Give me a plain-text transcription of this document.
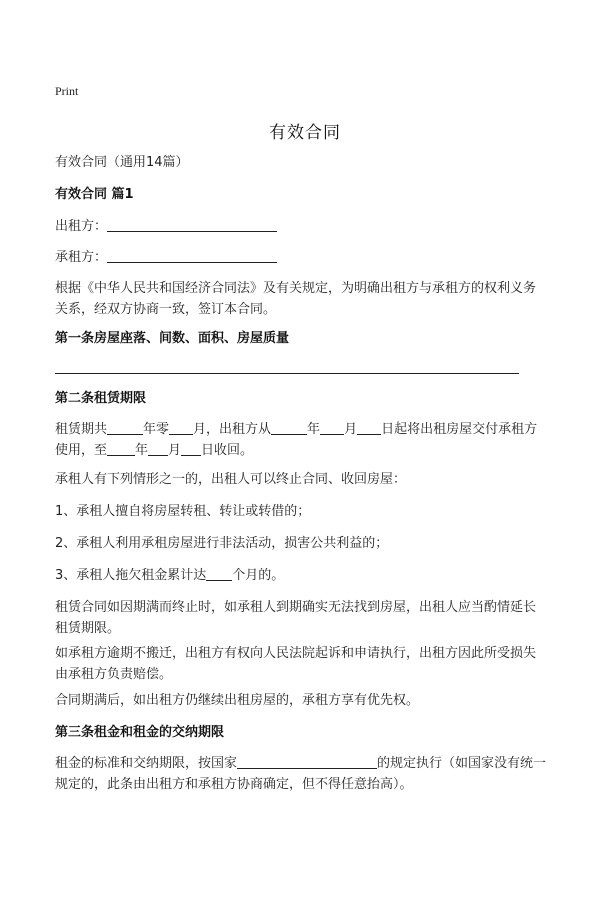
Print
有效合同
有效合同（通用14篇）
有效合同 篇1
出租方：
承租方：
根据《中华人民共和国经济合同法》及有关规定，为明确出租方与承租方的权利义务关系，经双方协商一致，签订本合同。
第一条房屋座落、间数、面积、房屋质量
第二条租赁期限
租赁期共	年零 月，出租方从	年 月 日起将出租房屋交付承租方使用，至 年 月 日收回。
承租人有下列情形之一的，出租人可以终止合同、收回房屋：
1、承租人擅自将房屋转租、转让或转借的；
2、承租人利用承租房屋进行非法活动，损害公共利益的；
3、承租人拖欠租金累计达 个月的。
租赁合同如因期满而终止时，如承租人到期确实无法找到房屋，出租人应当酌情延长租赁期限。
如承租方逾期不搬迁，出租方有权向人民法院起诉和申请执行，出租方因此所受损失由承租方负责赔偿。
合同期满后，如出租方仍继续出租房屋的，承租方享有优先权。
第三条租金和租金的交纳期限
租金的标准和交纳期限，按国家	的规定执行（如国家没有统一规定的，此条由出租方和承租方协商确定，但不得任意抬高）。
